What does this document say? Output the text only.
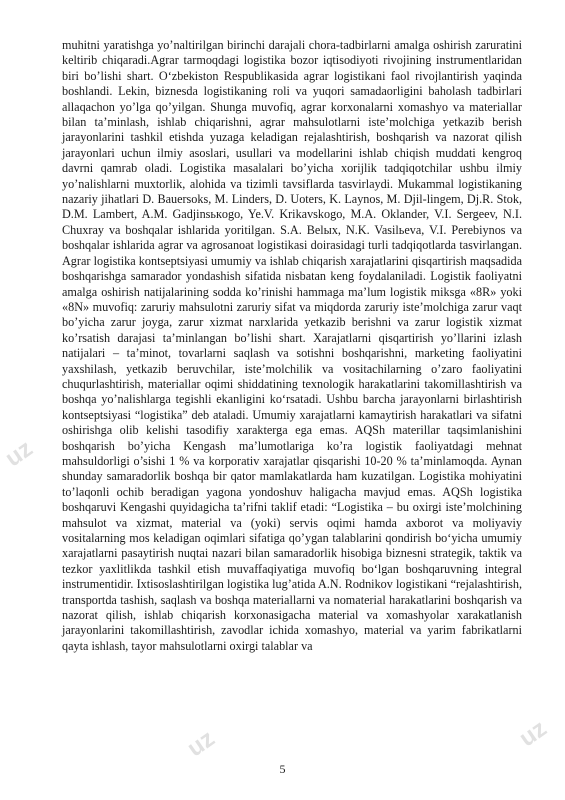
uz
uz	uz

muhitni yaratishga yo’naltirilgan birinchi darajali chora-tadbirlarni amalga oshirish zaruratini keltirib chiqaradi.Agrar tarmoqdagi logistika bozor iqtisodiyoti rivojining instrumentlaridan biri bo’lishi shart. O‘zbekiston Respublikasida agrar logistikani faol rivojlantirish yaqinda boshlandi. Lekin, biznesda logistikaning roli va yuqori samadaorligini baholash tadbirlari allaqachon yo’lga qo’yilgan. Shunga muvofiq, agrar korxonalarni xomashyo va materiallar bilan ta’minlash, ishlab chiqarishni, agrar mahsulotlarni iste’molchiga yetkazib berish jarayonlarini tashkil etishda yuzaga keladigan rejalashtirish, boshqarish va nazorat qilish jarayonlari uchun ilmiy asoslari, usullari va modellarini ishlab chiqish muddati kengroq davrni qamrab oladi. Logistika masalalari bo’yicha xorijlik tadqiqotchilar ushbu ilmiy yo’nalishlarni muxtorlik, alohida va tizimli tavsiflarda tasvirlaydi. Mukammal logistikaning nazariy jihatlari D. Bauersoks, M. Linders, D. Uoters, K. Laynos, M. Djil-lingem, Dj.R. Stok, D.M. Lambert, A.M. Gadjinsькogo, Ye.V. Krikavskogo, M.A. Oklander, V.I. Sergeev, N.I. Chuxray va boshqalar ishlarida yoritilgan. S.A. Belых, N.K. Vasilьeva, V.I. Perebiynos va boshqalar ishlarida agrar va agrosanoat logistikasi doirasidagi turli tadqiqotlarda tasvirlangan. Agrar logistika kontseptsiyasi umumiy va ishlab chiqarish xarajatlarini qisqartirish maqsadida boshqarishga samarador yondashish sifatida nisbatan keng foydalaniladi. Logistik faoliyatni amalga oshirish natijalarining sodda ko’rinishi hammaga ma’lum logistik miksga «8R» yoki «8N» muvofiq: zaruriy mahsulotni zaruriy sifat va miqdorda zaruriy iste’molchiga zarur vaqt bo’yicha zarur joyga, zarur xizmat narxlarida yetkazib berishni va zarur logistik xizmat ko’rsatish darajasi ta’minlangan bo’lishi shart. Xarajatlarni qisqartirish yo’llarini izlash natijalari – ta’minot, tovarlarni saqlash va sotishni boshqarishni, marketing faoliyatini yaxshilash, yetkazib beruvchilar, iste’molchilik va vositachilarning o’zaro faoliyatini chuqurlashtirish, materiallar oqimi shiddatining texnologik harakatlarini takomillashtirish va boshqa yo’nalishlarga tegishli ekanligini ko‘rsatadi. Ushbu barcha jarayonlarni birlashtirish kontseptsiyasi “logistika” deb ataladi. Umumiy xarajatlarni kamaytirish harakatlari va sifatni oshirishga olib kelishi tasodifiy xarakterga ega emas. AQSh materillar taqsimlanishini boshqarish bo’yicha Kengash ma’lumotlariga ko’ra logistik faoliyatdagi mehnat mahsuldorligi o’sishi 1 % va korporativ xarajatlar qisqarishi 10-20 % ta’minlamoqda. Aynan shunday samaradorlik boshqa bir qator mamlakatlarda ham kuzatilgan. Logistika mohiyatini to’laqonli ochib beradigan yagona yondoshuv haligacha mavjud emas. AQSh logistika boshqaruvi Kengashi quyidagicha ta’rifni taklif etadi: “Logistika – bu oxirgi iste’molchining mahsulot va xizmat, material va (yoki) servis oqimi hamda axborot va moliyaviy vositalarning mos keladigan oqimlari sifatiga qo’ygan talablarini qondirish bo‘yicha umumiy xarajatlarni pasaytirish nuqtai nazari bilan samaradorlik hisobiga biznesni strategik, taktik va tezkor yaxlitlikda tashkil etish muvaffaqiyatiga muvofiq bo‘lgan boshqaruvning integral instrumentidir. Ixtisoslashtirilgan logistika lug’atida A.N. Rodnikov logistikani “rejalashtirish, transportda tashish, saqlash va boshqa materiallarni va nomaterial harakatlarini boshqarish va nazorat qilish, ishlab chiqarish korxonasigacha material va xomashyolar xarakatlanish jarayonlarini takomillashtirish, zavodlar ichida xomashyo, material va yarim fabrikatlarni qayta ishlash, tayor mahsulotlarni oxirgi talablar va

5
